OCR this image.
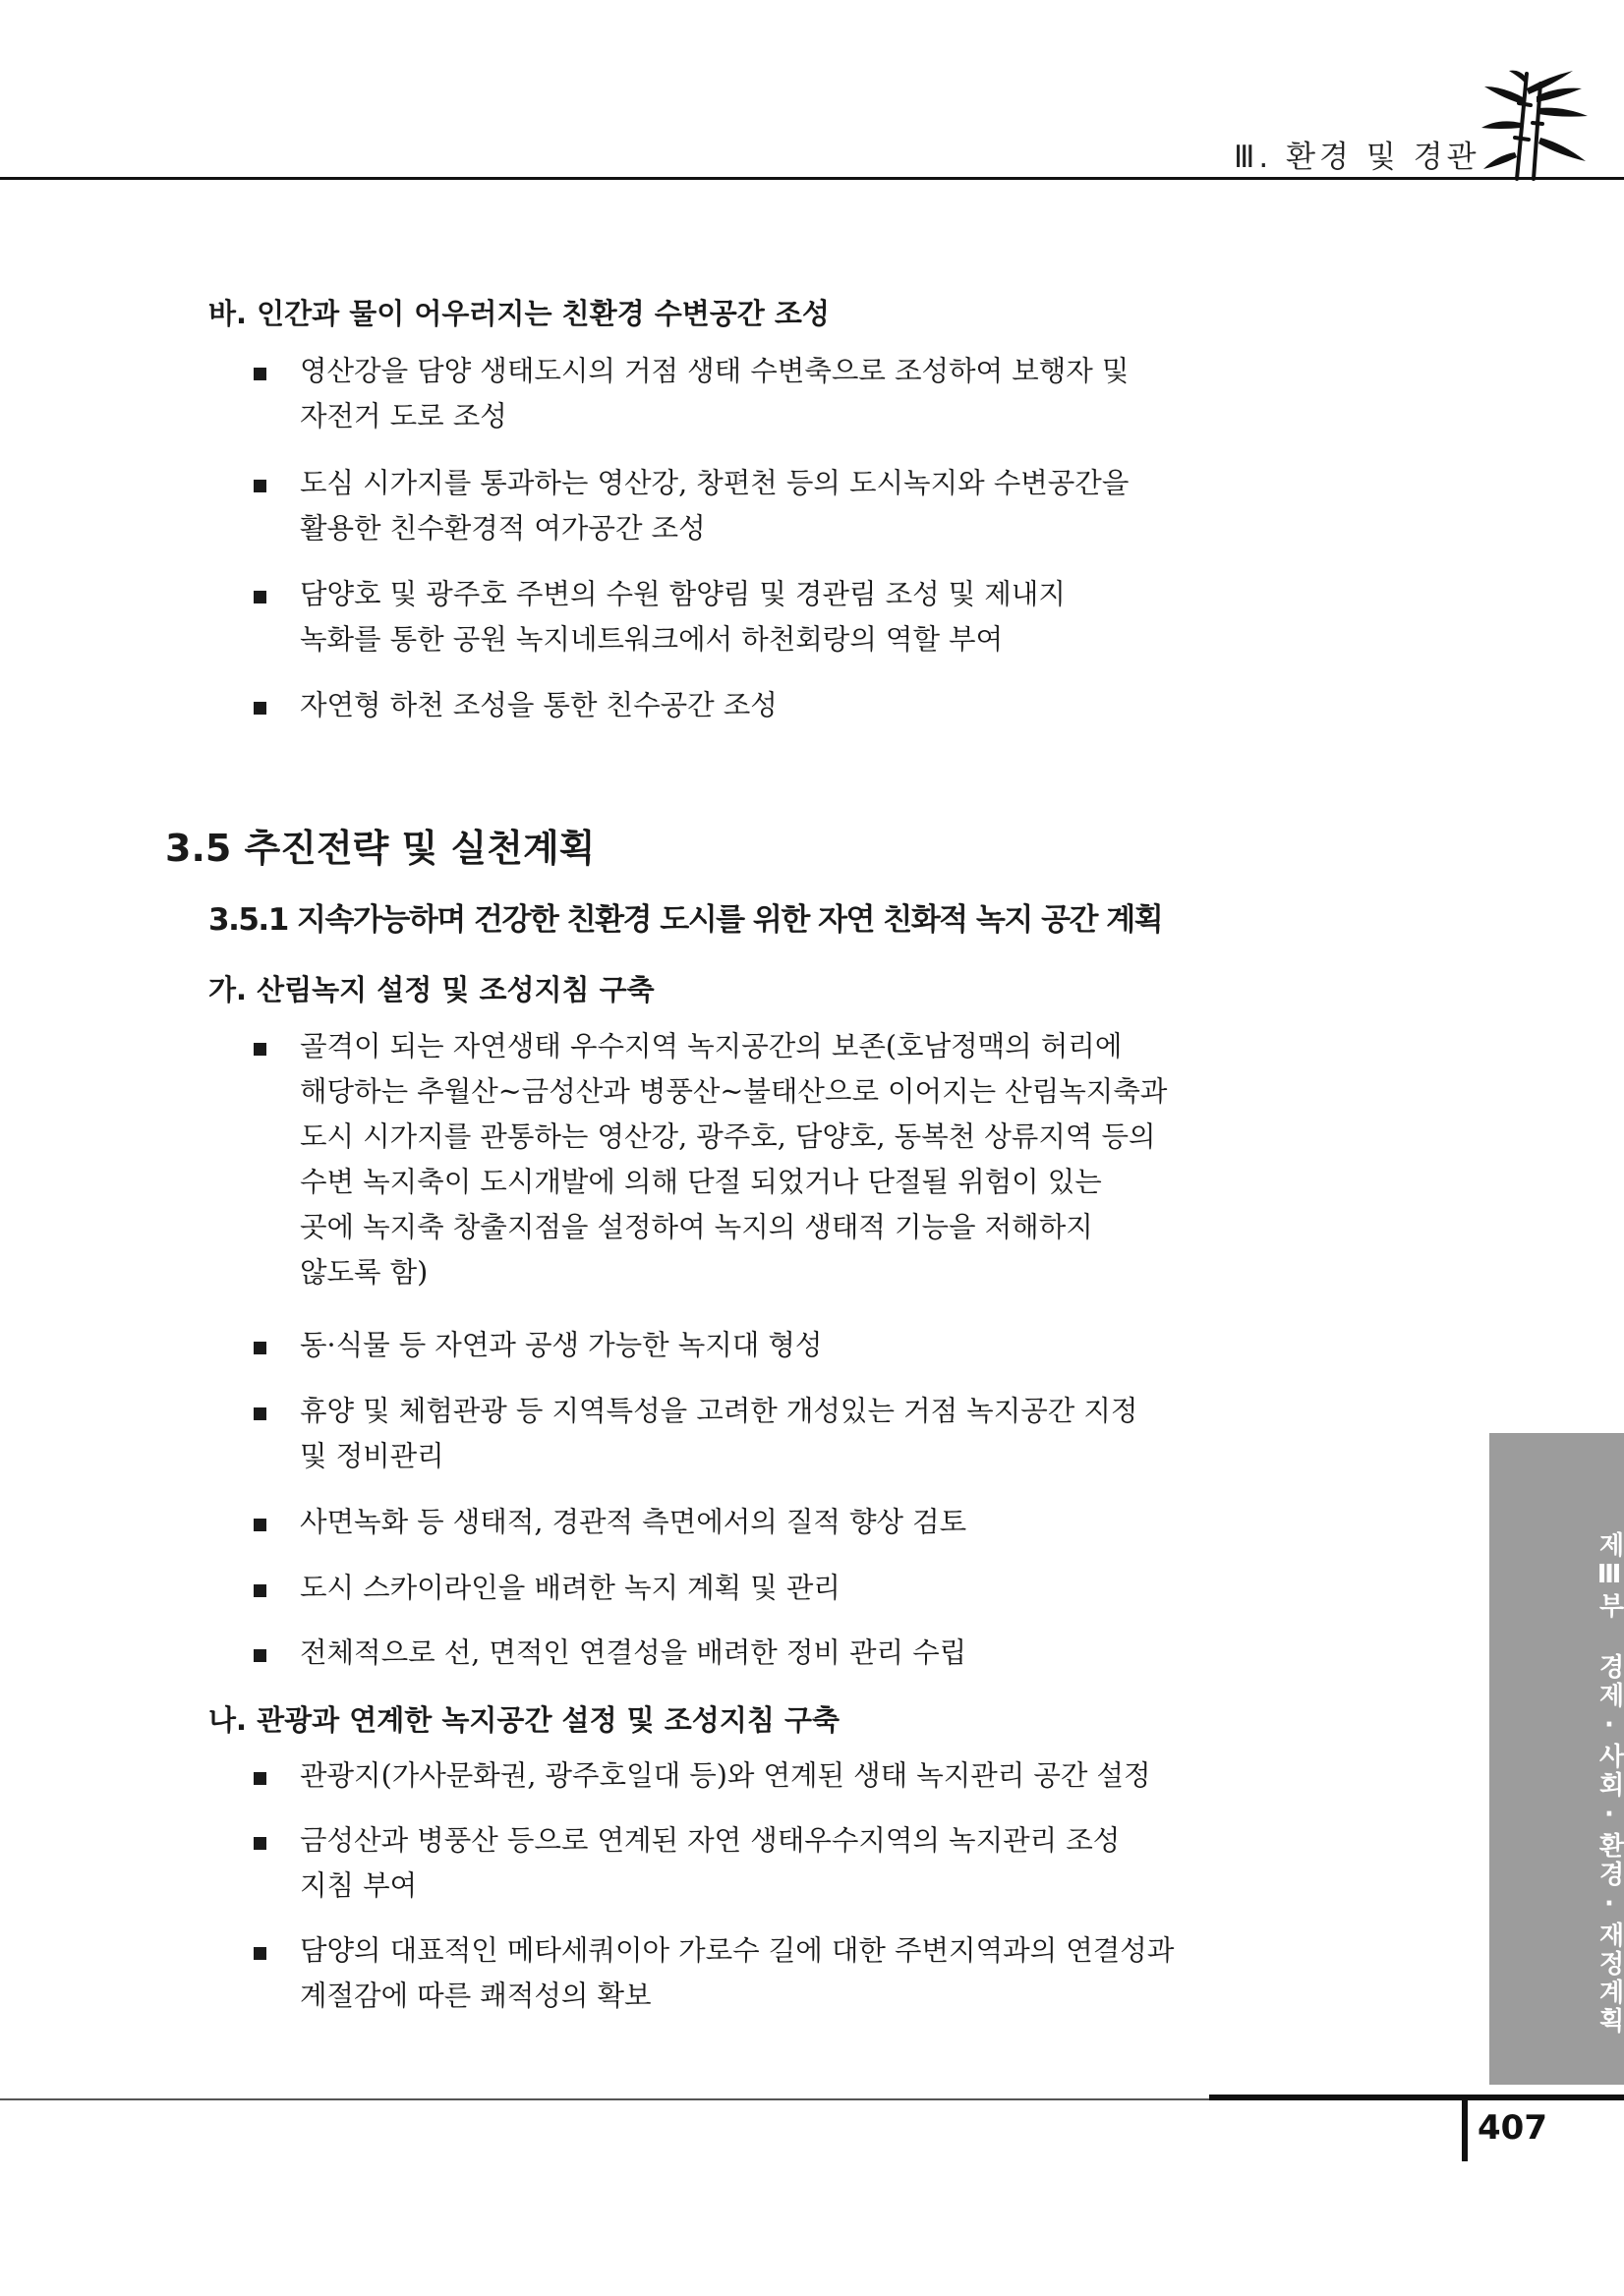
Ⅲ. 환경 및 경관
바. 인간과 물이 어우러지는 친환경 수변공간 조성
영산강을 담양 생태도시의 거점 생태 수변축으로 조성하여 보행자 및
자전거 도로 조성
도심 시가지를 통과하는 영산강, 창편천 등의 도시녹지와 수변공간을
활용한 친수환경적 여가공간 조성
담양호 및 광주호 주변의 수원 함양림 및 경관림 조성 및 제내지
녹화를 통한 공원 녹지네트워크에서 하천회랑의 역할 부여
자연형 하천 조성을 통한 친수공간 조성
3.5 추진전략 및 실천계획
3.5.1 지속가능하며 건강한 친환경 도시를 위한 자연 친화적 녹지 공간 계획
가. 산림녹지 설정 및 조성지침 구축
골격이 되는 자연생태 우수지역 녹지공간의 보존(호남정맥의 허리에
해당하는 추월산~금성산과 병풍산~불태산으로 이어지는 산림녹지축과
도시 시가지를 관통하는 영산강, 광주호, 담양호, 동복천 상류지역 등의
수변 녹지축이 도시개발에 의해 단절 되었거나 단절될 위험이 있는
곳에 녹지축 창출지점을 설정하여 녹지의 생태적 기능을 저해하지
않도록 함)
동·식물 등 자연과 공생 가능한 녹지대 형성
휴양 및 체험관광 등 지역특성을 고려한 개성있는 거점 녹지공간 지정
및 정비관리
사면녹화 등 생태적, 경관적 측면에서의 질적 향상 검토
도시 스카이라인을 배려한 녹지 계획 및 관리
전체적으로 선, 면적인 연결성을 배려한 정비 관리 수립
나. 관광과 연계한 녹지공간 설정 및 조성지침 구축
관광지(가사문화권, 광주호일대 등)와 연계된 생태 녹지관리 공간 설정
금성산과 병풍산 등으로 연계된 자연 생태우수지역의 녹지관리 조성
지침 부여
담양의 대표적인 메타세쿼이아 가로수 길에 대한 주변지역과의 연결성과
계절감에 따른 쾌적성의 확보	제Ⅲ부 경제·사회·환경·재정계획
407
